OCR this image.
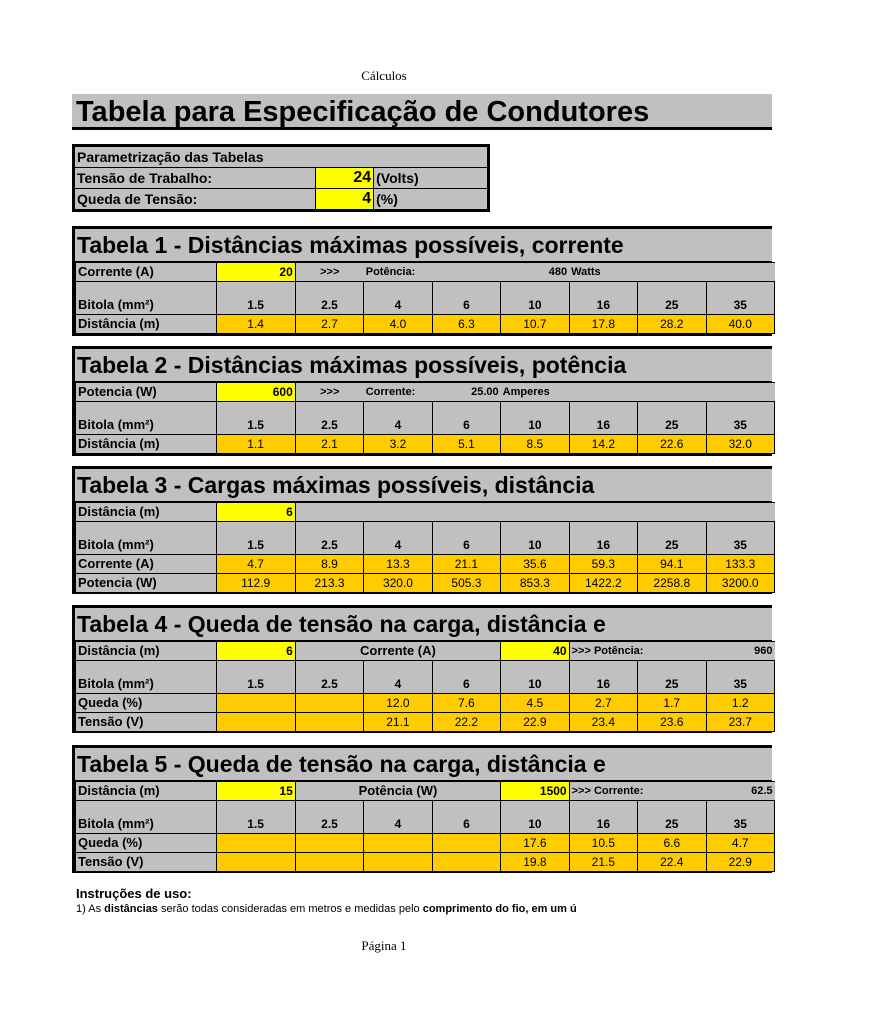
Cálculos
Tabela para Especificação de Condutores
Parametrização das Tabelas		
Tensão de Trabalho:	24	(Volts)
Queda de Tensão:	4	(%)
Tabela 1 - Distâncias máximas possíveis, corrente
Corrente (A)	20	>>>	Potência:		480	Watts		
Bitola (mm²)	1.5	2.5	4	6	10	16	25	35
Distância (m)	1.4	2.7	4.0	6.3	10.7	17.8	28.2	40.0
Tabela 2 - Distâncias máximas possíveis, potência
Potencia (W)	600	>>>	Corrente:	25.00	Amperes			
Bitola (mm²)	1.5	2.5	4	6	10	16	25	35
Distância (m)	1.1	2.1	3.2	5.1	8.5	14.2	22.6	32.0
Tabela 3 - Cargas máximas possíveis, distância
Distância (m)	6							
Bitola (mm²)	1.5	2.5	4	6	10	16	25	35
Corrente (A)	4.7	8.9	13.3	21.1	35.6	59.3	94.1	133.3
Potencia (W)	112.9	213.3	320.0	505.3	853.3	1422.2	2258.8	3200.0
Tabela 4 - Queda de tensão na carga, distância e
Distância (m)	6	Corrente (A)			40	>>> Potência:		960
Bitola (mm²)	1.5	2.5	4	6	10	16	25	35
Queda (%)			12.0	7.6	4.5	2.7	1.7	1.2
Tensão (V)			21.1	22.2	22.9	23.4	23.6	23.7
Tabela 5 - Queda de tensão na carga, distância e
Distância (m)	15	Potência (W)			1500	>>> Corrente:		62.5
Bitola (mm²)	1.5	2.5	4	6	10	16	25	35
Queda (%)					17.6	10.5	6.6	4.7
Tensão (V)					19.8	21.5	22.4	22.9
Instruções de uso:
1) As distâncias serão todas consideradas em metros e medidas pelo comprimento do fio, em um ú
Página 1
